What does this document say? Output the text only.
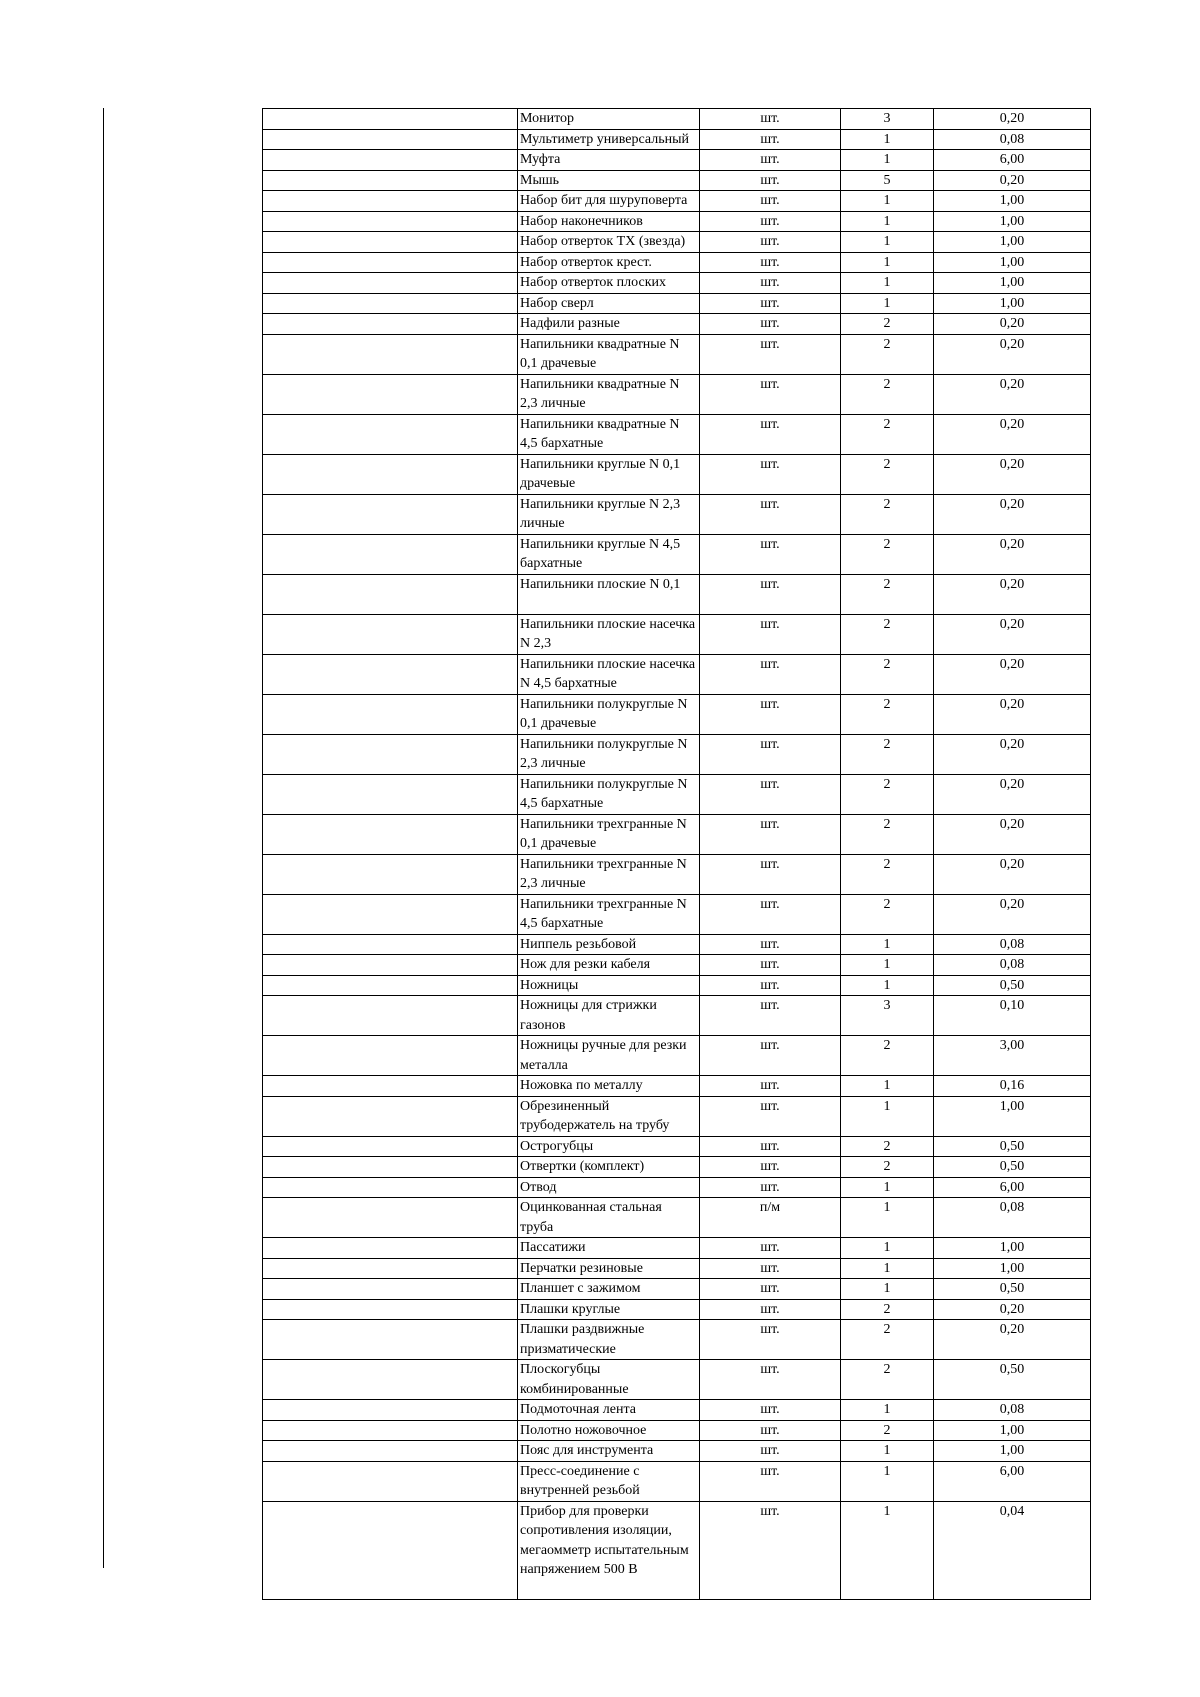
	Монитор	шт.	3	0,20
	Мультиметр универсальный	шт.	1	0,08
	Муфта	шт.	1	6,00
	Мышь	шт.	5	0,20
	Набор бит для шуруповерта	шт.	1	1,00
	Набор наконечников	шт.	1	1,00
	Набор отверток TX (звезда)	шт.	1	1,00
	Набор отверток крест.	шт.	1	1,00
	Набор отверток плоских	шт.	1	1,00
	Набор сверл	шт.	1	1,00
	Надфили разные	шт.	2	0,20
	Напильники квадратные N 0,1 драчевые	шт.	2	0,20
	Напильники квадратные N 2,3 личные	шт.	2	0,20
	Напильники квадратные N 4,5 бархатные	шт.	2	0,20
	Напильники круглые N 0,1 драчевые	шт.	2	0,20
	Напильники круглые N 2,3 личные	шт.	2	0,20
	Напильники круглые N 4,5 бархатные	шт.	2	0,20
	Напильники плоские N 0,1	шт.	2	0,20
	Напильники плоские насечка N 2,3	шт.	2	0,20
	Напильники плоские насечка N 4,5 бархатные	шт.	2	0,20
	Напильники полукруглые N 0,1 драчевые	шт.	2	0,20
	Напильники полукруглые N 2,3 личные	шт.	2	0,20
	Напильники полукруглые N 4,5 бархатные	шт.	2	0,20
	Напильники трехгранные N 0,1 драчевые	шт.	2	0,20
	Напильники трехгранные N 2,3 личные	шт.	2	0,20
	Напильники трехгранные N 4,5 бархатные	шт.	2	0,20
	Ниппель резьбовой	шт.	1	0,08
	Нож для резки кабеля	шт.	1	0,08
	Ножницы	шт.	1	0,50
	Ножницы для стрижки газонов	шт.	3	0,10
	Ножницы ручные для резки металла	шт.	2	3,00
	Ножовка по металлу	шт.	1	0,16
	Обрезиненный трубодержатель на трубу	шт.	1	1,00
	Острогубцы	шт.	2	0,50
	Отвертки (комплект)	шт.	2	0,50
	Отвод	шт.	1	6,00
	Оцинкованная стальная труба	п/м	1	0,08
	Пассатижи	шт.	1	1,00
	Перчатки резиновые	шт.	1	1,00
	Планшет с зажимом	шт.	1	0,50
	Плашки круглые	шт.	2	0,20
	Плашки раздвижные призматические	шт.	2	0,20
	Плоскогубцы комбинированные	шт.	2	0,50
	Подмоточная лента	шт.	1	0,08
	Полотно ножовочное	шт.	2	1,00
	Пояс для инструмента	шт.	1	1,00
	Пресс-соединение с внутренней резьбой	шт.	1	6,00
	Прибор для проверки сопротивления изоляции, мегаомметр испытательным напряжением 500 В	шт.	1	0,04
